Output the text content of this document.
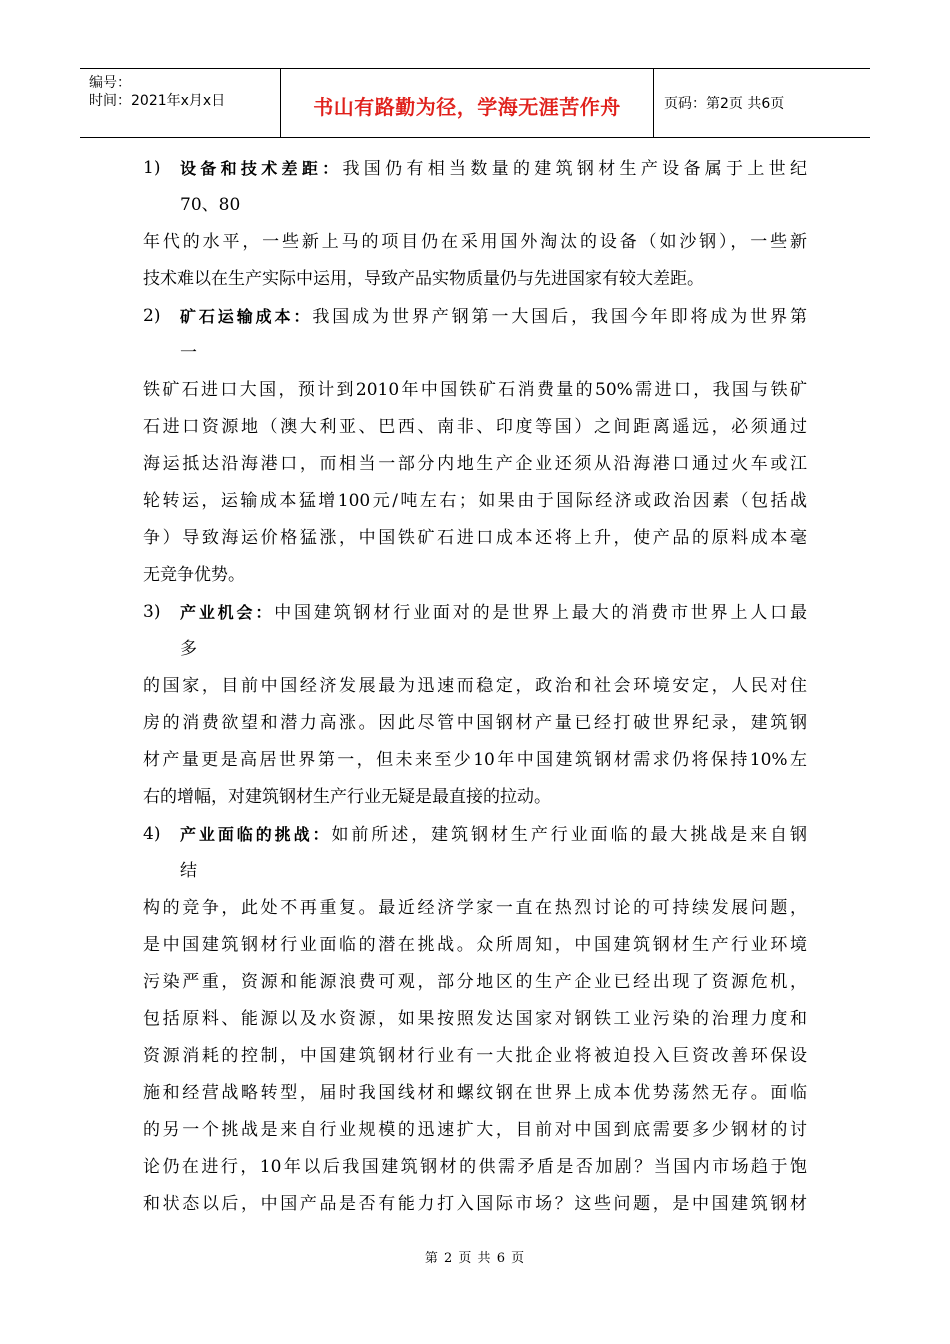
编号：
时间：2021年x月x日	书山有路勤为径，学海无涯苦作舟	页码：第2页 共6页
1) 设备和技术差距：我国仍有相当数量的建筑钢材生产设备属于上世纪
70、80
年代的水平，一些新上马的项目仍在采用国外淘汰的设备（如沙钢），一些新
技术难以在生产实际中运用，导致产品实物质量仍与先进国家有较大差距。
2) 矿石运输成本：我国成为世界产钢第一大国后，我国今年即将成为世界第
一
铁矿石进口大国，预计到2010年中国铁矿石消费量的50%需进口，我国与铁矿
石进口资源地（澳大利亚、巴西、南非、印度等国）之间距离遥远，必须通过
海运抵达沿海港口，而相当一部分内地生产企业还须从沿海港口通过火车或江
轮转运，运输成本猛增100元/吨左右；如果由于国际经济或政治因素（包括战
争）导致海运价格猛涨，中国铁矿石进口成本还将上升，使产品的原料成本毫
无竞争优势。
3) 产业机会：中国建筑钢材行业面对的是世界上最大的消费市世界上人口最
多
的国家，目前中国经济发展最为迅速而稳定，政治和社会环境安定，人民对住
房的消费欲望和潜力高涨。因此尽管中国钢材产量已经打破世界纪录，建筑钢
材产量更是高居世界第一，但未来至少10年中国建筑钢材需求仍将保持10%左
右的增幅，对建筑钢材生产行业无疑是最直接的拉动。
4) 产业面临的挑战：如前所述，建筑钢材生产行业面临的最大挑战是来自钢
结
构的竞争，此处不再重复。最近经济学家一直在热烈讨论的可持续发展问题，
是中国建筑钢材行业面临的潜在挑战。众所周知，中国建筑钢材生产行业环境
污染严重，资源和能源浪费可观，部分地区的生产企业已经出现了资源危机，
包括原料、能源以及水资源，如果按照发达国家对钢铁工业污染的治理力度和
资源消耗的控制，中国建筑钢材行业有一大批企业将被迫投入巨资改善环保设
施和经营战略转型，届时我国线材和螺纹钢在世界上成本优势荡然无存。面临
的另一个挑战是来自行业规模的迅速扩大，目前对中国到底需要多少钢材的讨
论仍在进行，10年以后我国建筑钢材的供需矛盾是否加剧？当国内市场趋于饱
和状态以后，中国产品是否有能力打入国际市场？这些问题，是中国建筑钢材
第 2 页 共 6 页
